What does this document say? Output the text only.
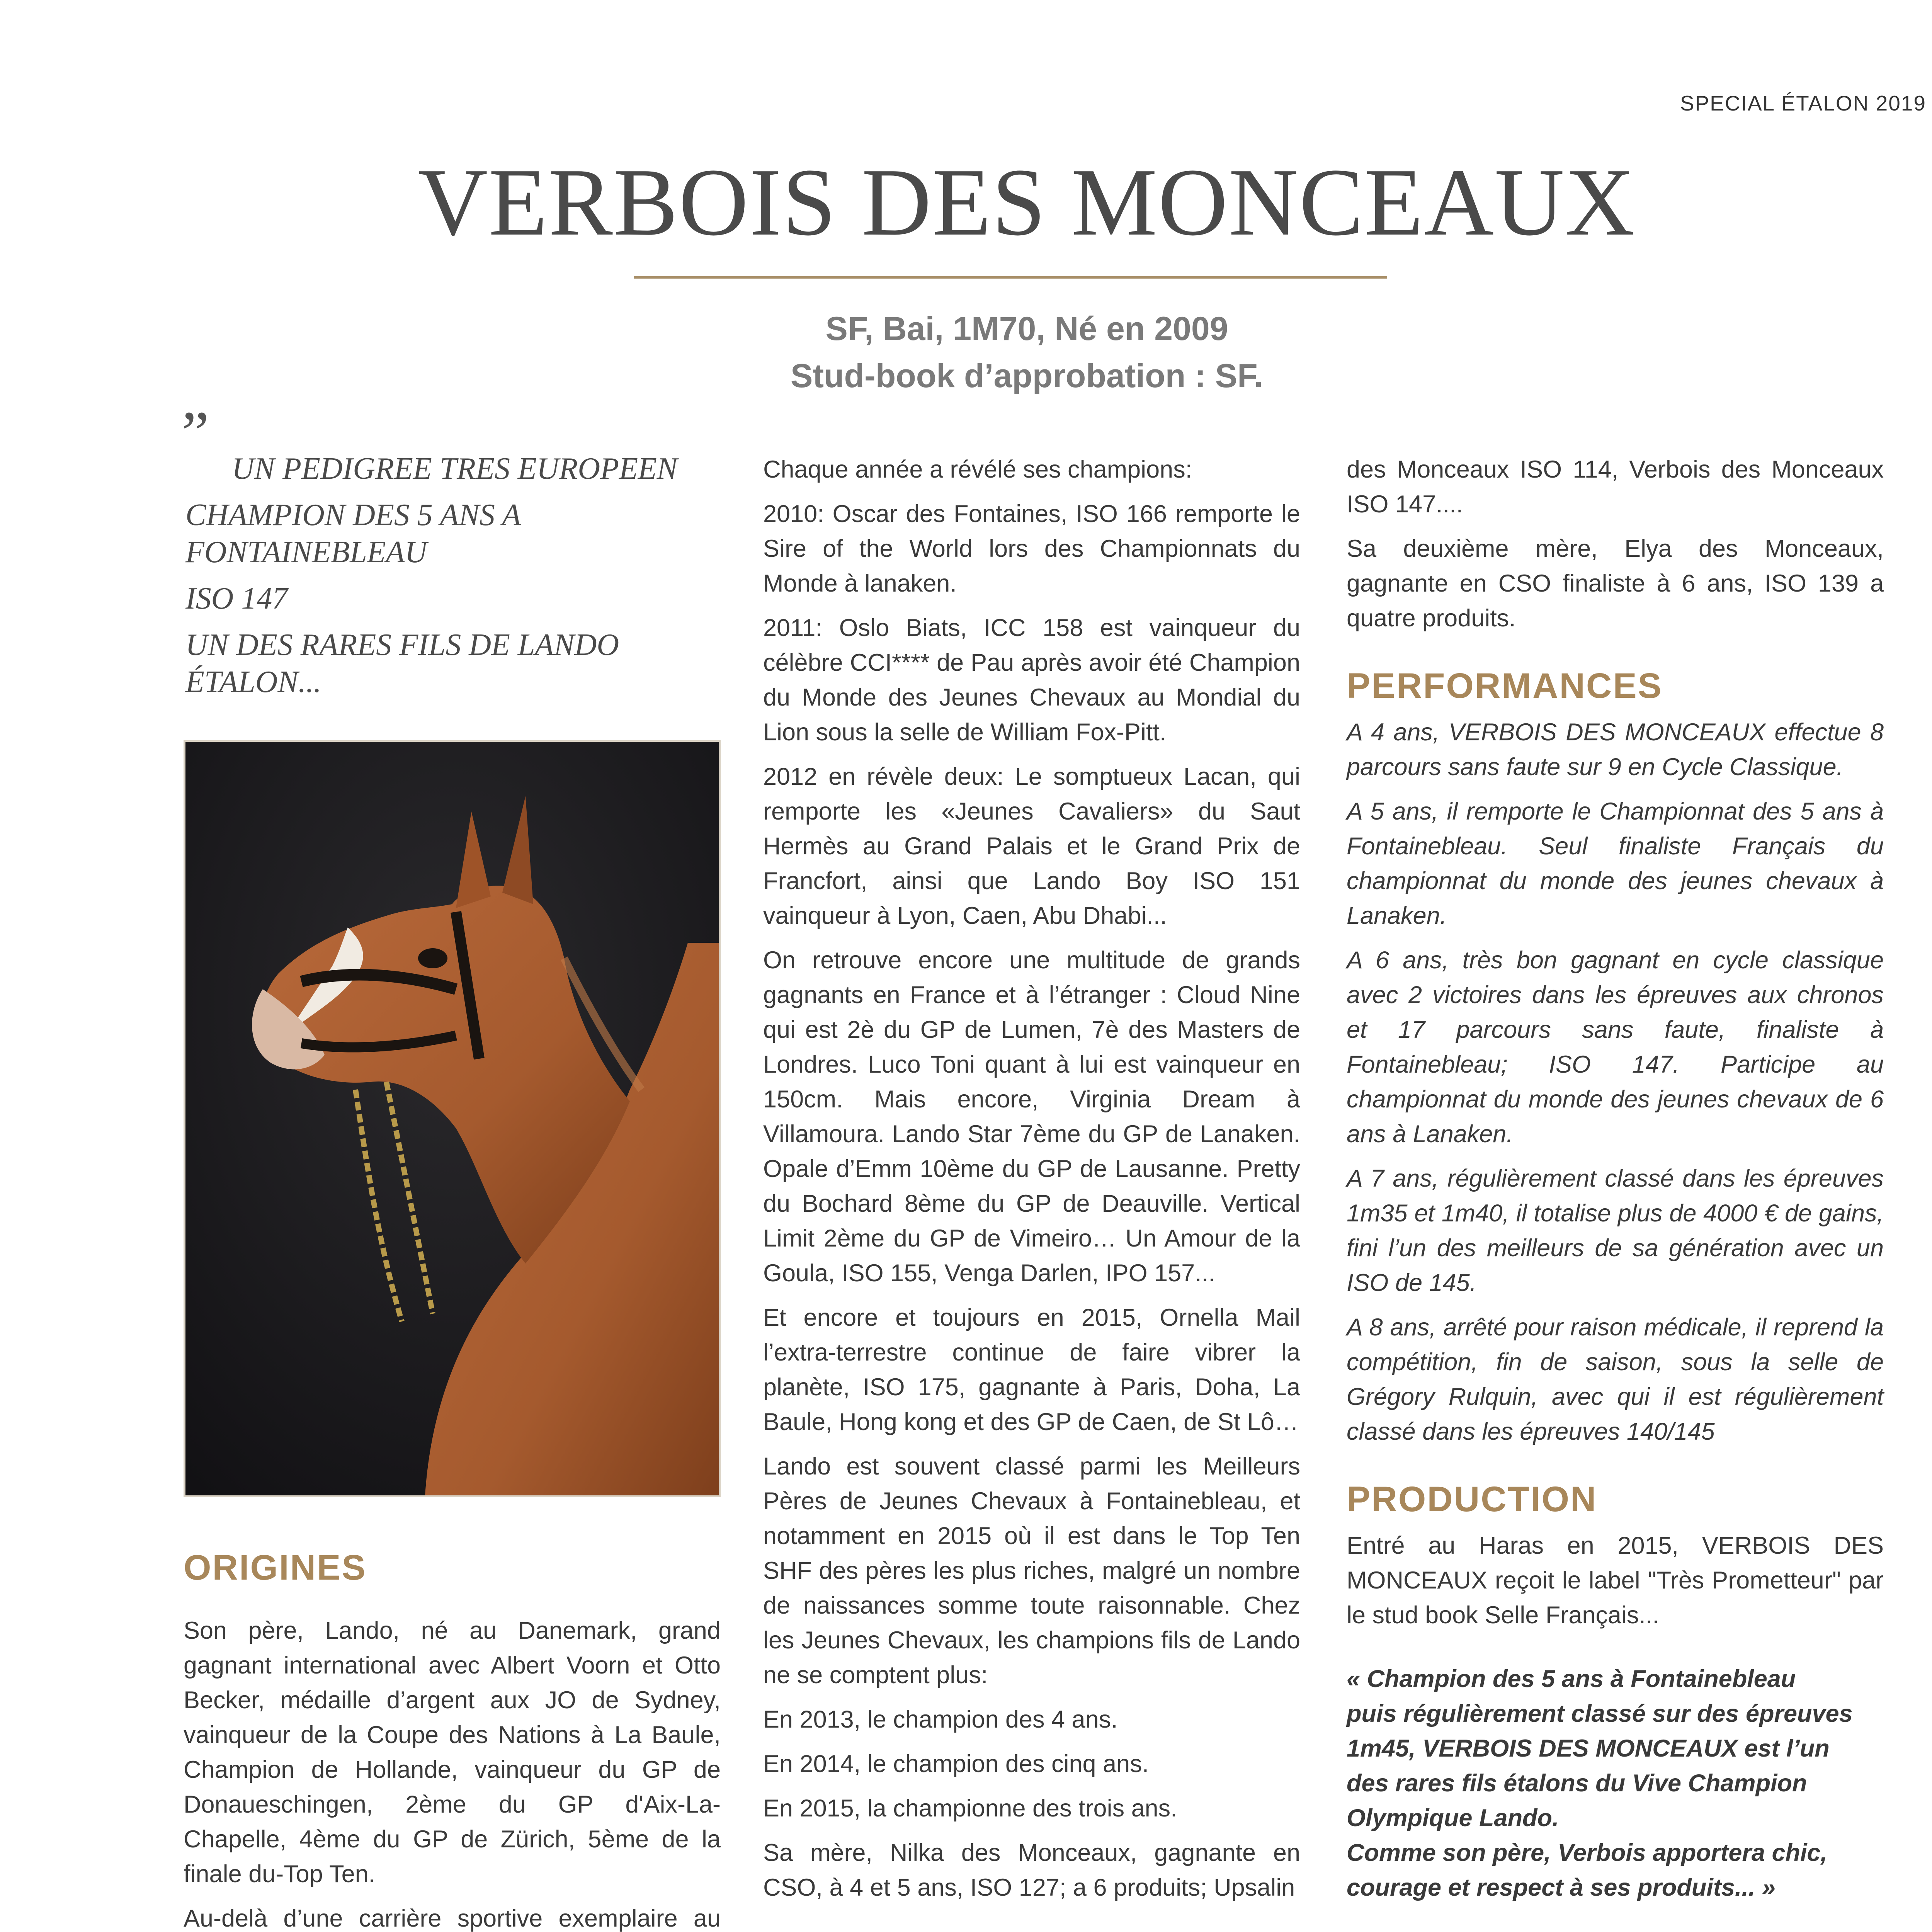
SPECIAL ÉTALON 2019
VERBOIS DES MONCEAUX
SF, Bai, 1M70, Né en 2009
Stud-book d’approbation : SF.
”

UN PEDIGREE TRES EUROPEEN

CHAMPION DES 5 ANS A FONTAINEBLEAU

ISO 147

UN DES RARES FILS DE LANDO ÉTALON...

ORIGINES

Son père, Lando, né au Danemark, grand gagnant international avec Albert Voorn et Otto Becker, médaille d’argent aux JO de Sydney, vainqueur de la Coupe des Nations à La Baule, Champion de Hollande, vainqueur du GP de Donaueschingen, 2ème du GP d'Aix-La-Chapelle, 4ème du GP de Zürich, 5ème de la finale du-Top Ten.

Au-delà d’une carrière sportive exemplaire au

Chaque année a révélé ses champions:

2010: Oscar des Fontaines, ISO 166 remporte le Sire of the World lors des Championnats du Monde à lanaken.

2011: Oslo Biats, ICC 158 est vainqueur du célèbre CCI**** de Pau après avoir été Champion du Monde des Jeunes Chevaux au Mondial du Lion sous la selle de William Fox-Pitt.

2012 en révèle deux: Le somptueux Lacan, qui remporte les «Jeunes Cavaliers» du Saut Hermès au Grand Palais et le Grand Prix de Francfort, ainsi que Lando Boy ISO 151 vainqueur à Lyon, Caen, Abu Dhabi...

On retrouve encore une multitude de grands gagnants en France et à l’étranger : Cloud Nine qui est 2è du GP de Lumen, 7è des Masters de Londres. Luco Toni quant à lui est vainqueur en 150cm. Mais encore, Virginia Dream à Villamoura. Lando Star 7ème du GP de Lanaken. Opale d’Emm 10ème du GP de Lausanne. Pretty du Bochard 8ème du GP de Deauville. Vertical Limit 2ème du GP de Vimeiro… Un Amour de la Goula, ISO 155, Venga Darlen, IPO 157...

Et encore et toujours en 2015, Ornella Mail l’extra-terrestre continue de faire vibrer la planète, ISO 175, gagnante à Paris, Doha, La Baule, Hong kong et des GP de Caen, de St Lô…

Lando est souvent classé parmi les Meilleurs Pères de Jeunes Chevaux à Fontainebleau, et notamment en 2015 où il est dans le Top Ten SHF des pères les plus riches, malgré un nombre de naissances somme toute raisonnable. Chez les Jeunes Chevaux, les champions fils de Lando ne se comptent plus:

En 2013, le champion des 4 ans.

En 2014, le champion des cinq ans.

En 2015, la championne des trois ans.

Sa mère, Nilka des Monceaux, gagnante en CSO, à 4 et 5 ans, ISO 127; a 6 produits; Upsalin

des Monceaux ISO 114, Verbois des Monceaux ISO 147....

Sa deuxième mère, Elya des Monceaux, gagnante en CSO finaliste à 6 ans, ISO 139 a quatre produits.

PERFORMANCES

A 4 ans, VERBOIS DES MONCEAUX effectue 8 parcours sans faute sur 9 en Cycle Classique.

A 5 ans, il remporte le Championnat des 5 ans à Fontainebleau. Seul finaliste Français du championnat du monde des jeunes chevaux à Lanaken.

A 6 ans, très bon gagnant en cycle classique avec 2 victoires dans les épreuves aux chronos et 17 parcours sans faute, finaliste à Fontainebleau; ISO 147. Participe au championnat du monde des jeunes chevaux de 6 ans à Lanaken.

A 7 ans, régulièrement classé dans les épreuves 1m35 et 1m40, il totalise plus de 4000 € de gains, fini l’un des meilleurs de sa génération avec un ISO de 145.

A 8 ans, arrêté pour raison médicale, il reprend la compétition, fin de saison, sous la selle de Grégory Rulquin, avec qui il est régulièrement classé dans les épreuves 140/145

PRODUCTION

Entré au Haras en 2015, VERBOIS DES MONCEAUX reçoit le label "Très Prometteur" par le stud book Selle Français...

« Champion des 5 ans à Fontainebleau
puis régulièrement classé sur des épreuves
1m45, VERBOIS DES MONCEAUX est l’un
des rares fils étalons du Vive Champion
Olympique Lando.
Comme son père, Verbois apportera chic,
courage et respect à ses produits... »
